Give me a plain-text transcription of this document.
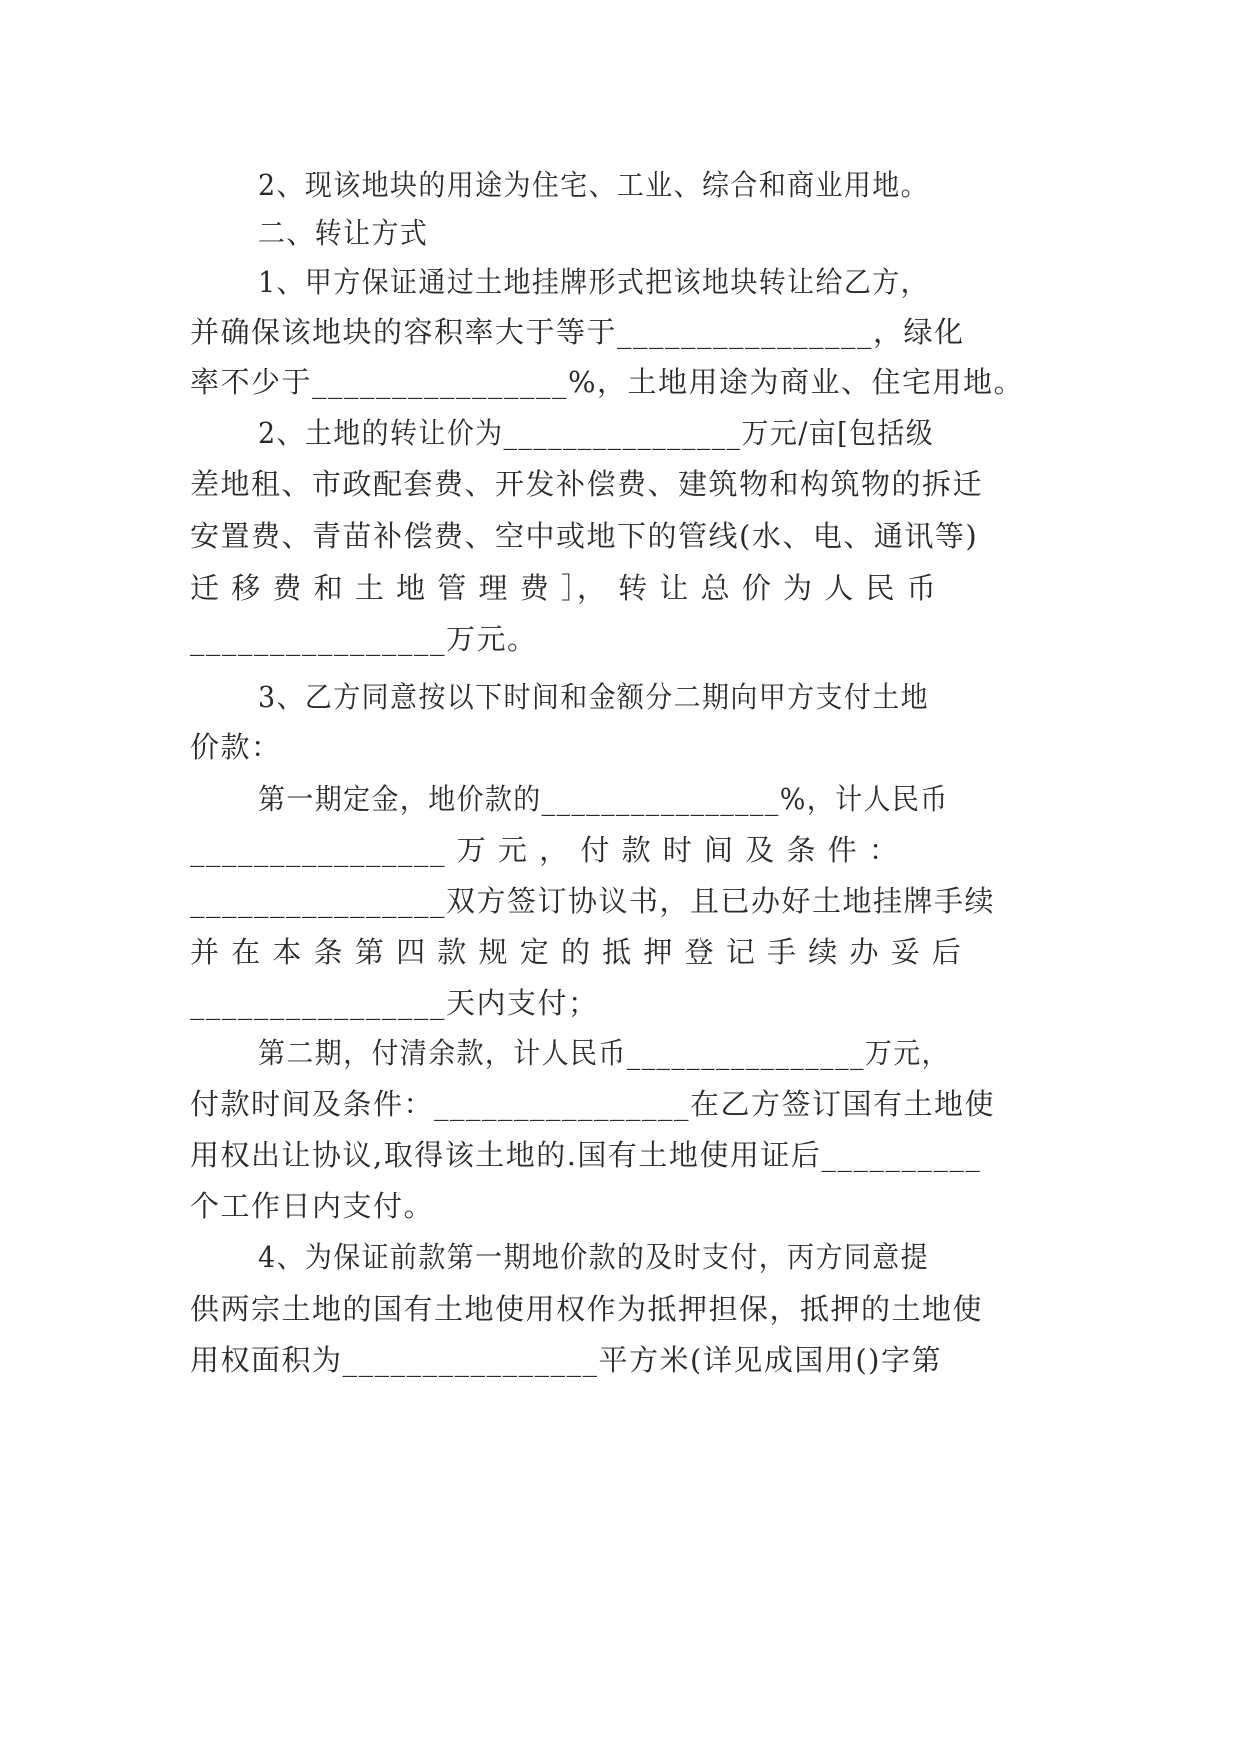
2、现该地块的用途为住宅、工业、综合和商业用地。
二、转让方式
1、甲方保证通过土地挂牌形式把该地块转让给乙方，
并确保该地块的容积率大于等于________________，绿化
率不少于________________%，土地用途为商业、住宅用地。
2、土地的转让价为________________万元/亩[包括级
差地租、市政配套费、开发补偿费、建筑物和构筑物的拆迁
安置费、青苗补偿费、空中或地下的管线(水、电、通讯等)
迁 移 费 和 土 地 管 理 费 ］， 转 让 总 价 为 人 民 币
________________万元。
3、乙方同意按以下时间和金额分二期向甲方支付土地
价款：
第一期定金，地价款的________________%，计人民币
________________ 万 元 ， 付 款 时 间 及 条 件 ：
________________双方签订协议书，且已办好土地挂牌手续
并 在 本 条 第 四 款 规 定 的 抵 押 登 记 手 续 办 妥 后
________________天内支付；
第二期，付清余款，计人民币________________万元，
付款时间及条件：________________在乙方签订国有土地使
用权出让协议,取得该土地的.国有土地使用证后__________
个工作日内支付。
4、为保证前款第一期地价款的及时支付，丙方同意提
供两宗土地的国有土地使用权作为抵押担保，抵押的土地使
用权面积为________________平方米(详见成国用()字第
